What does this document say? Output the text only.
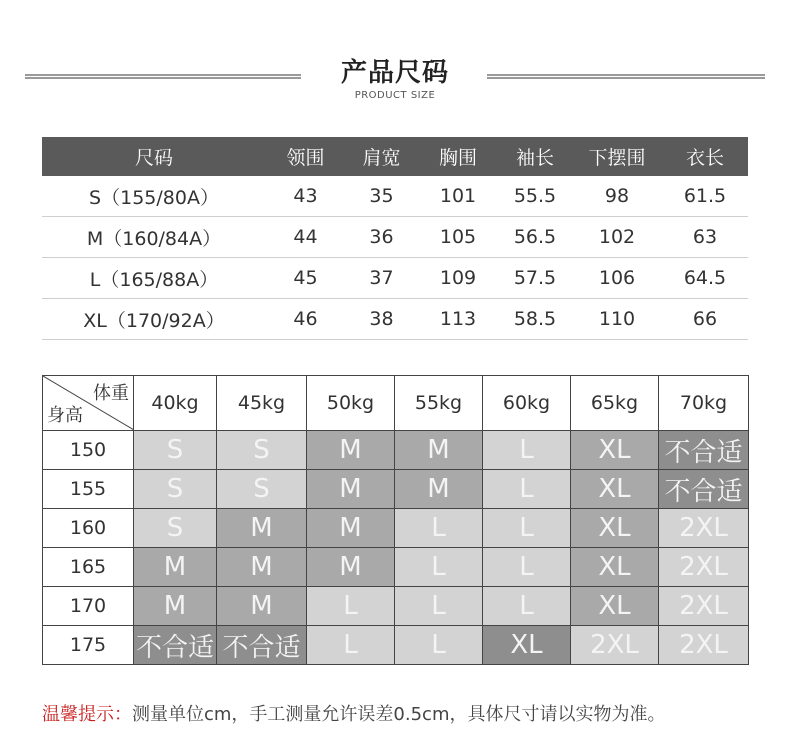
产品尺码
PRODUCT SIZE
尺码	领围	肩宽	胸围	袖长	下摆围	衣长
S（155/80A）	43	35	101	55.5	98	61.5
M（160/84A）	44	36	105	56.5	102	63
L（165/88A）	45	37	109	57.5	106	64.5
XL（170/92A）	46	38	113	58.5	110	66
体重
身高	40kg	45kg	50kg	55kg	60kg	65kg	70kg
150	S	S	M	M	L	XL	不合适
155	S	S	M	M	L	XL	不合适
160	S	M	M	L	L	XL	2XL
165	M	M	M	L	L	XL	2XL
170	M	M	L	L	L	XL	2XL
175	不合适	不合适	L	L	XL	2XL	2XL
温馨提示：测量单位cm，手工测量允许误差0.5cm，具体尺寸请以实物为准。
